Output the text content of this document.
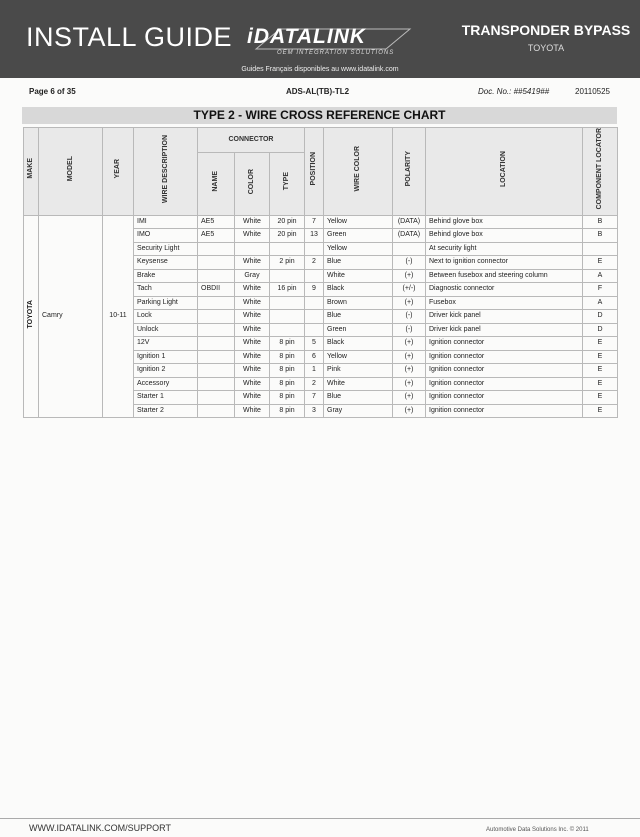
INSTALL GUIDE iDATALINK
OEM INTEGRATION SOLUTIONS
TRANSPONDER BYPASS
TOYOTA
Guides Français disponibles au www.idatalink.com
Page 6 of 35	ADS-AL(TB)-TL2	Doc. No.: ##5419##	20110525
TYPE 2 - WIRE CROSS REFERENCE CHART
MAKE	MODEL	YEAR	WIRE DESCRIPTION	CONNECTOR			POSITION	WIRE COLOR	POLARITY	LOCATION	COMPONENT LOCATOR
				NAME	COLOR	TYPE					
TOYOTA	Camry	10-11	IMI	AE5	White	20 pin	7	Yellow	(DATA)	Behind glove box	B
			IMO	AE5	White	20 pin	13	Green	(DATA)	Behind glove box	B
			Security Light					Yellow		At security light	
			Keysense		White	2 pin	2	Blue	(-)	Next to ignition connector	E
			Brake		Gray			White	(+)	Between fusebox and steering column	A
			Tach	OBDII	White	16 pin	9	Black	(+/-)	Diagnostic connector	F
			Parking Light		White			Brown	(+)	Fusebox	A
			Lock		White			Blue	(-)	Driver kick panel	D
			Unlock		White			Green	(-)	Driver kick panel	D
			12V		White	8 pin	5	Black	(+)	Ignition connector	E
			Ignition 1		White	8 pin	6	Yellow	(+)	Ignition connector	E
			Ignition 2		White	8 pin	1	Pink	(+)	Ignition connector	E
			Accessory		White	8 pin	2	White	(+)	Ignition connector	E
			Starter 1		White	8 pin	7	Blue	(+)	Ignition connector	E
			Starter 2		White	8 pin	3	Gray	(+)	Ignition connector	E
WWW.IDATALINK.COM/SUPPORT	Automotive Data Solutions Inc. © 2011
